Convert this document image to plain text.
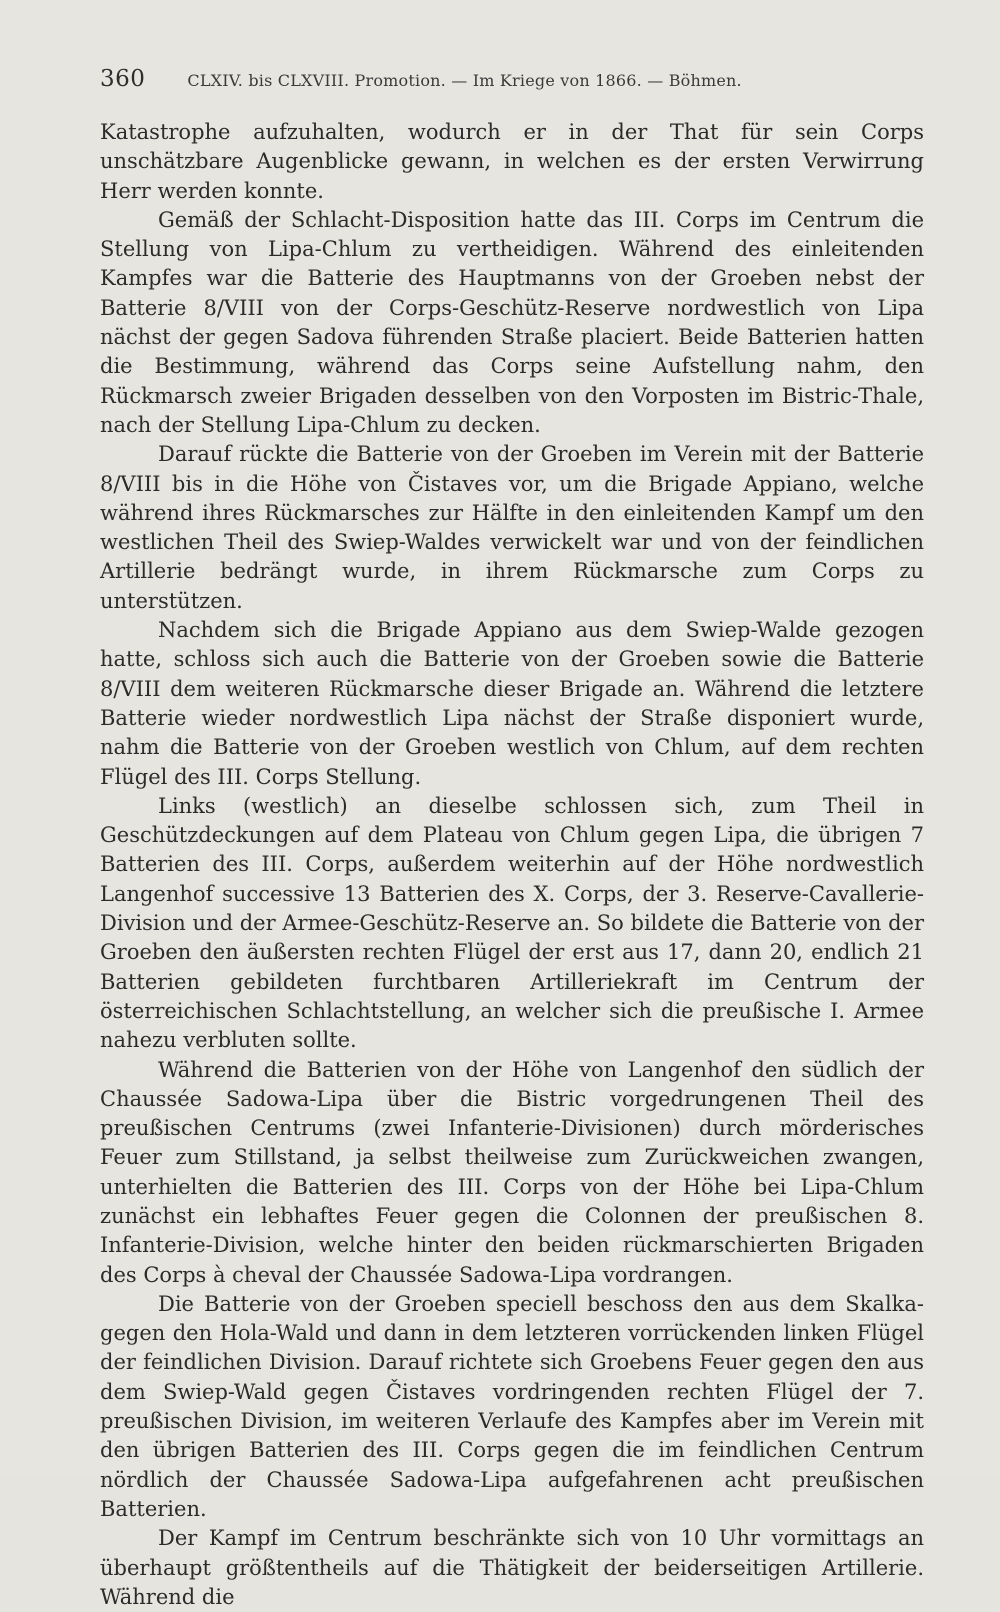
360	CLXIV. bis CLXVIII. Promotion. — Im Kriege von 1866. — Böhmen.

Katastrophe aufzuhalten, wodurch er in der That für sein Corps unschätzbare Augenblicke gewann, in welchen es der ersten Verwirrung Herr werden konnte.

Gemäß der Schlacht-Disposition hatte das III. Corps im Centrum die Stellung von Lipa-Chlum zu vertheidigen. Während des einleitenden Kampfes war die Batterie des Hauptmanns von der Groeben nebst der Batterie 8/VIII von der Corps-Geschütz-Reserve nordwestlich von Lipa nächst der gegen Sadova führenden Straße placiert. Beide Batterien hatten die Bestimmung, während das Corps seine Aufstellung nahm, den Rückmarsch zweier Brigaden desselben von den Vorposten im Bistric-Thale, nach der Stellung Lipa-Chlum zu decken.

Darauf rückte die Batterie von der Groeben im Verein mit der Batterie 8/VIII bis in die Höhe von Čistaves vor, um die Brigade Appiano, welche während ihres Rückmarsches zur Hälfte in den einleitenden Kampf um den westlichen Theil des Swiep-Waldes verwickelt war und von der feindlichen Artillerie bedrängt wurde, in ihrem Rückmarsche zum Corps zu unterstützen.

Nachdem sich die Brigade Appiano aus dem Swiep-Walde gezogen hatte, schloss sich auch die Batterie von der Groeben sowie die Batterie 8/VIII dem weiteren Rückmarsche dieser Brigade an. Während die letztere Batterie wieder nordwestlich Lipa nächst der Straße disponiert wurde, nahm die Batterie von der Groeben westlich von Chlum, auf dem rechten Flügel des III. Corps Stellung.

Links (westlich) an dieselbe schlossen sich, zum Theil in Geschützdeckungen auf dem Plateau von Chlum gegen Lipa, die übrigen 7 Batterien des III. Corps, außerdem weiterhin auf der Höhe nordwestlich Langenhof successive 13 Batterien des X. Corps, der 3. Reserve-Cavallerie-Division und der Armee-Geschütz-Reserve an. So bildete die Batterie von der Groeben den äußersten rechten Flügel der erst aus 17, dann 20, endlich 21 Batterien gebildeten furchtbaren Artilleriekraft im Centrum der österreichischen Schlachtstellung, an welcher sich die preußische I. Armee nahezu verbluten sollte.

Während die Batterien von der Höhe von Langenhof den südlich der Chaussée Sadowa-Lipa über die Bistric vorgedrungenen Theil des preußischen Centrums (zwei Infanterie-Divisionen) durch mörderisches Feuer zum Stillstand, ja selbst theilweise zum Zurückweichen zwangen, unterhielten die Batterien des III. Corps von der Höhe bei Lipa-Chlum zunächst ein lebhaftes Feuer gegen die Colonnen der preußischen 8. Infanterie-Division, welche hinter den beiden rückmarschierten Brigaden des Corps à cheval der Chaussée Sadowa-Lipa vordrangen.

Die Batterie von der Groeben speciell beschoss den aus dem Skalka- gegen den Hola-Wald und dann in dem letzteren vorrückenden linken Flügel der feindlichen Division. Darauf richtete sich Groebens Feuer gegen den aus dem Swiep-Wald gegen Čistaves vordringenden rechten Flügel der 7. preußischen Division, im weiteren Verlaufe des Kampfes aber im Verein mit den übrigen Batterien des III. Corps gegen die im feindlichen Centrum nördlich der Chaussée Sadowa-Lipa aufgefahrenen acht preußischen Batterien.

Der Kampf im Centrum beschränkte sich von 10 Uhr vormittags an überhaupt größtentheils auf die Thätigkeit der beiderseitigen Artillerie. Während die
